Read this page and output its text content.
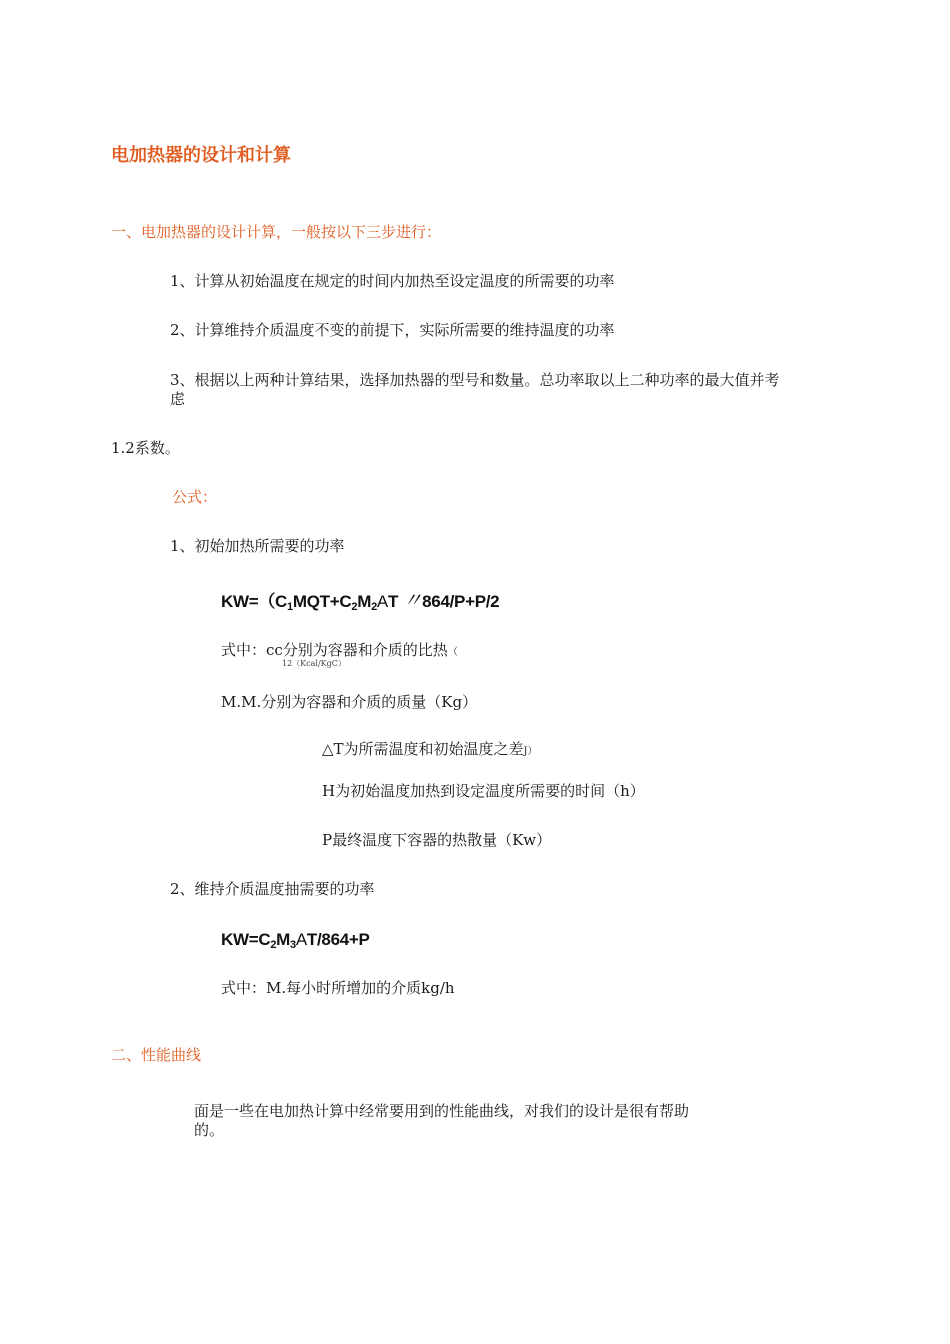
电加热器的设计和计算
一、电加热器的设计计算，一般按以下三步进行：
1、计算从初始温度在规定的时间内加热至设定温度的所需要的功率
2、计算维持介质温度不变的前提下，实际所需要的维持温度的功率
3、根据以上两种计算结果，选择加热器的型号和数量。总功率取以上二种功率的最大值并考
虑
1.2系数。
公式：
1、初始加热所需要的功率
$KW=(C_1MQT+C_2M_2AT$ 〃864/P+P/2
式中：cc分别为容器和介质的比热（
12（Kcal/KgC）
M.M.分别为容器和介质的质量（Kg）
△T为所需温度和初始温度之差J）
H为初始温度加热到设定温度所需要的时间（h）
P最终温度下容器的热散量（Kw）
2、维持介质温度抽需要的功率
$KW=C_2M_3AT/864+P$
式中：M.每小时所增加的介质kg/h
二、性能曲线
面是一些在电加热计算中经常要用到的性能曲线，对我们的设计是很有帮助
的。
